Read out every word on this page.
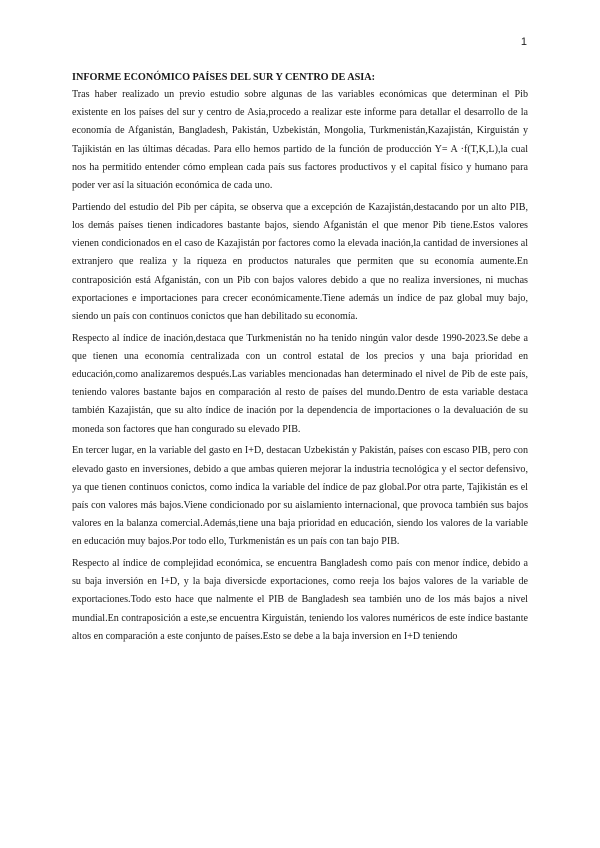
1

INFORME ECONÓMICO PAÍSES DEL SUR Y CENTRO DE ASIA:

Tras haber realizado un previo estudio sobre algunas de las variables económicas que determinan el Pib existente en los países del sur y centro de Asia,procedo a realizar este informe para detallar el desarrollo de la economía de Afganistán, Bangladesh, Pakistán, Uzbekistán, Mongolia, Turkmenistán,Kazajistán, Kirguistán y Tajikistán en las últimas décadas. Para ello hemos partido de la función de producción Y= A ·f(T,K,L),la cual nos ha permitido entender cómo emplean cada país sus factores productivos y el capital físico y humano para poder ver así la situación económica de cada uno.

Partiendo del estudio del Pib per cápita, se observa que a excepción de Kazajistán,destacando por un alto PIB, los demás países tienen indicadores bastante bajos, siendo Afganistán el que menor Pib tiene.Estos valores vienen condicionados en el caso de Kazajistán por factores como la elevada inación,la cantidad de inversiones al extranjero que realiza y la riqueza en productos naturales que permiten que su economía aumente.En contraposición está Afganistán, con un Pib con bajos valores debido a que no realiza inversiones, ni muchas exportaciones e importaciones para crecer económicamente.Tiene además un índice de paz global muy bajo, siendo un país con continuos conictos que han debilitado su economía.

Respecto al índice de inación,destaca que Turkmenistán no ha tenido ningún valor desde 1990-2023.Se debe a que tienen una economía centralizada con un control estatal de los precios y una baja prioridad en educación,como analizaremos después.Las variables mencionadas han determinado el nivel de Pib de este país, teniendo valores bastante bajos en comparación al resto de países del mundo.Dentro de esta variable destaca también Kazajistán, que su alto índice de inación por la dependencia de importaciones o la devaluación de su moneda son factores que han congurado su elevado PIB.

En tercer lugar, en la variable del gasto en I+D, destacan Uzbekistán y Pakistán, países con escaso PIB, pero con elevado gasto en inversiones, debido a que ambas quieren mejorar la industria tecnológica y el sector defensivo, ya que tienen continuos conictos, como indica la variable del índice de paz global.Por otra parte, Tajikistán es el país con valores más bajos.Viene condicionado por su aislamiento internacional, que provoca también sus bajos valores en la balanza comercial.Además,tiene una baja prioridad en educación, siendo los valores de la variable en educación muy bajos.Por todo ello, Turkmenistán es un país con tan bajo PIB.

Respecto al índice de complejidad económica, se encuentra Bangladesh como país con menor índice, debido a su baja inversión en I+D, y la baja diversicde exportaciones, como reeja los bajos valores de la variable de exportaciones.Todo esto hace que nalmente el PIB de Bangladesh sea también uno de los más bajos a nivel mundial.En contraposición a este,se encuentra Kirguistán, teniendo los valores numéricos de este índice bastante altos en comparación a este conjunto de países.Esto se debe a la baja inversion en I+D teniendo
